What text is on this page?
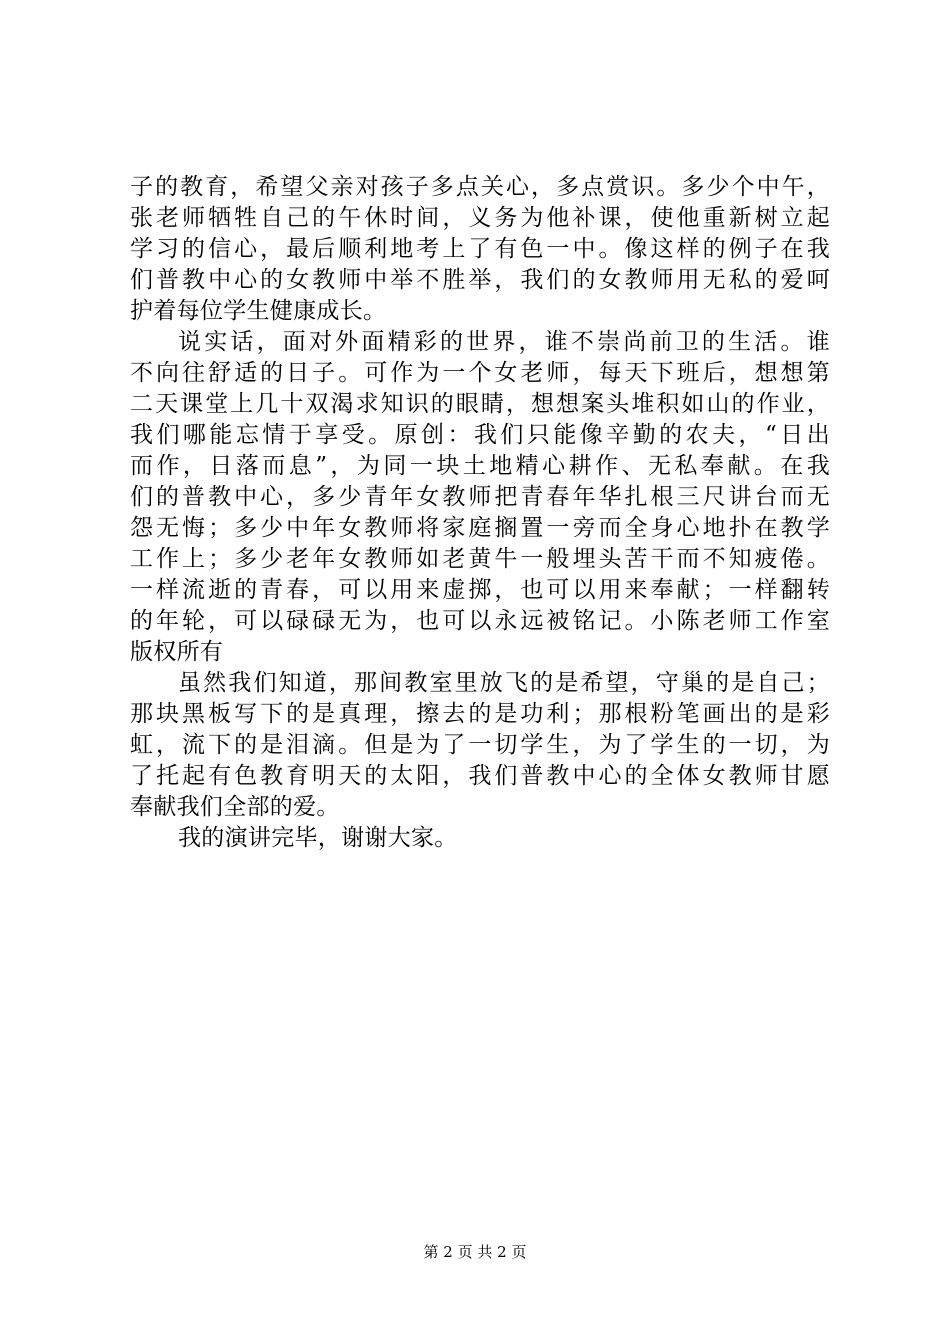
子的教育，希望父亲对孩子多点关心，多点赏识。多少个中午，
张老师牺牲自己的午休时间，义务为他补课，使他重新树立起
学习的信心，最后顺利地考上了有色一中。像这样的例子在我
们普教中心的女教师中举不胜举，我们的女教师用无私的爱呵
护着每位学生健康成长。
说实话，面对外面精彩的世界，谁不崇尚前卫的生活。谁
不向往舒适的日子。可作为一个女老师，每天下班后，想想第
二天课堂上几十双渴求知识的眼睛，想想案头堆积如山的作业，
我们哪能忘情于享受。原创：我们只能像辛勤的农夫，“日出
而作，日落而息”，为同一块土地精心耕作、无私奉献。在我
们的普教中心，多少青年女教师把青春年华扎根三尺讲台而无
怨无悔；多少中年女教师将家庭搁置一旁而全身心地扑在教学
工作上；多少老年女教师如老黄牛一般埋头苦干而不知疲倦。
一样流逝的青春，可以用来虚掷，也可以用来奉献；一样翻转
的年轮，可以碌碌无为，也可以永远被铭记。小陈老师工作室
版权所有
虽然我们知道，那间教室里放飞的是希望，守巢的是自己；
那块黑板写下的是真理，擦去的是功利；那根粉笔画出的是彩
虹，流下的是泪滴。但是为了一切学生，为了学生的一切，为
了托起有色教育明天的太阳，我们普教中心的全体女教师甘愿
奉献我们全部的爱。
我的演讲完毕，谢谢大家。
第 2 页 共 2 页
